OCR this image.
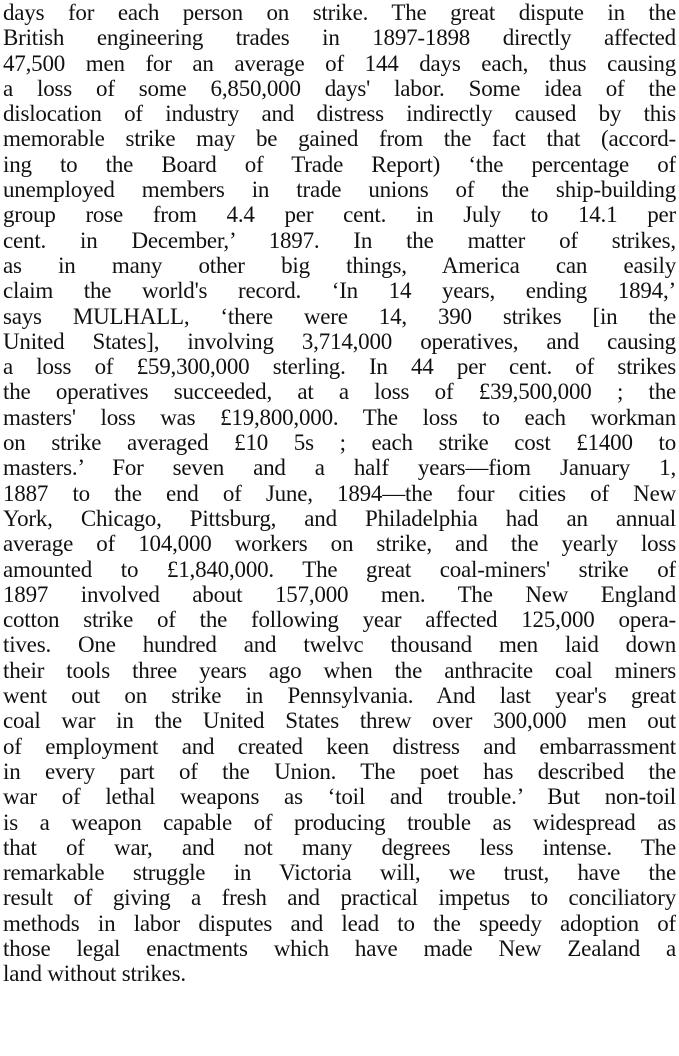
days for each person on strike. The great dispute in the
British engineering trades in 1897-1898 directly affected
47,500 men for an average of 144 days each, thus causing
a loss of some 6,850,000 days' labor. Some idea of the
dislocation of industry and distress indirectly caused by this
memorable strike may be gained from the fact that (accord-
ing to the Board of Trade Report) ‘the percentage of
unemployed members in trade unions of the ship-building
group rose from 4.4 per cent. in July to 14.1 per
cent. in December,’ 1897. In the matter of strikes,
as in many other big things, America can easily
claim the world's record. ‘In 14 years, ending 1894,’
says MULHALL, ‘there were 14, 390 strikes [in the
United States], involving 3,714,000 operatives, and causing
a loss of £59,300,000 sterling. In 44 per cent. of strikes
the operatives succeeded, at a loss of £39,500,000 ; the
masters' loss was £19,800,000. The loss to each workman
on strike averaged £10 5s ; each strike cost £1400 to
masters.’ For seven and a half years—fiom January 1,
1887 to the end of June, 1894—the four cities of New
York, Chicago, Pittsburg, and Philadelphia had an annual
average of 104,000 workers on strike, and the yearly loss
amounted to £1,840,000. The great coal-miners' strike of
1897 involved about 157,000 men. The New England
cotton strike of the following year affected 125,000 opera-
tives. One hundred and twelvc thousand men laid down
their tools three years ago when the anthracite coal miners
went out on strike in Pennsylvania. And last year's great
coal war in the United States threw over 300,000 men out
of employment and created keen distress and embarrassment
in every part of the Union. The poet has described the
war of lethal weapons as ‘toil and trouble.’ But non-toil
is a weapon capable of producing trouble as widespread as
that of war, and not many degrees less intense. The
remarkable struggle in Victoria will, we trust, have the
result of giving a fresh and practical impetus to conciliatory
methods in labor disputes and lead to the speedy adoption of
those legal enactments which have made New Zealand a
land without strikes.
